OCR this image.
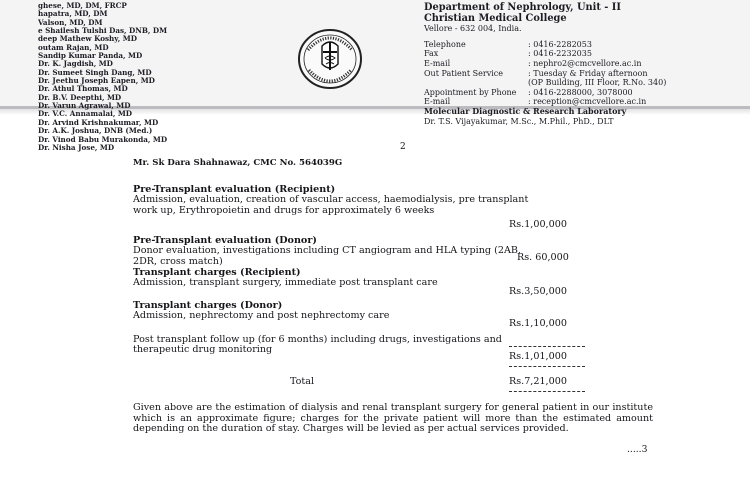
ghese, MD, DM, FRCP
hapatra, MD, DM
Valson, MD, DM
e Shailesh Tulshi Das, DNB, DM
deep Mathew Koshy, MD
outam Rajan, MD
Sandip Kumar Panda, MD
Dr. K. Jagdish, MD
Dr. Sumeet Singh Dang, MD
Dr. Jeethu Joseph Eapen, MD
Dr. Athul Thomas, MD
Dr. B.V. Deepthi, MD
Dr. Varun Agrawal, MD
Dr. V.C. Annamalai, MD
Dr. Arvind Krishnakumar, MD
Dr. A.K. Joshua, DNB (Med.)
Dr. Vinod Babu Murakonda, MD
Dr. Nisha Jose, MD
Department of Nephrology, Unit - II
Christian Medical College
Vellore - 632 004, India.
Telephone	: 0416-2282053
Fax	: 0416-2232035
E-mail	: nephro2@cmcvellore.ac.in
Out Patient Service	: Tuesday & Friday afternoon
(OP Building, III Floor, R.No. 340)
Appointment by Phone	: 0416-2288000, 3078000
E-mail	: reception@cmcvellore.ac.in
Molecular Diagnostic & Research Laboratory
Dr. T.S. Vijayakumar, M.Sc., M.Phil., PhD., DLT
2
Mr. Sk Dara Shahnawaz, CMC No. 564039G
Pre-Transplant evaluation (Recipient)
Admission, evaluation, creation of vascular access, haemodialysis, pre transplant work up, Erythropoietin and drugs for approximately 6 weeks
Rs.1,00,000
Pre-Transplant evaluation (Donor)
Donor evaluation, investigations including CT angiogram and HLA typing (2AB, 2DR, cross match)	Rs. 60,000
Transplant charges (Recipient)
Admission, transplant surgery, immediate post transplant care
Rs.3,50,000
Transplant charges (Donor)
Admission, nephrectomy and post nephrectomy care
Rs.1,10,000
Post transplant follow up (for 6 months) including drugs, investigations and therapeutic drug monitoring
Rs.1,01,000
Total	Rs.7,21,000
Given above are the estimation of dialysis and renal transplant surgery for general patient in our institute which is an approximate figure; charges for the private patient will more than the estimated amount depending on the duration of stay. Charges will be levied as per actual services provided.
.....3
